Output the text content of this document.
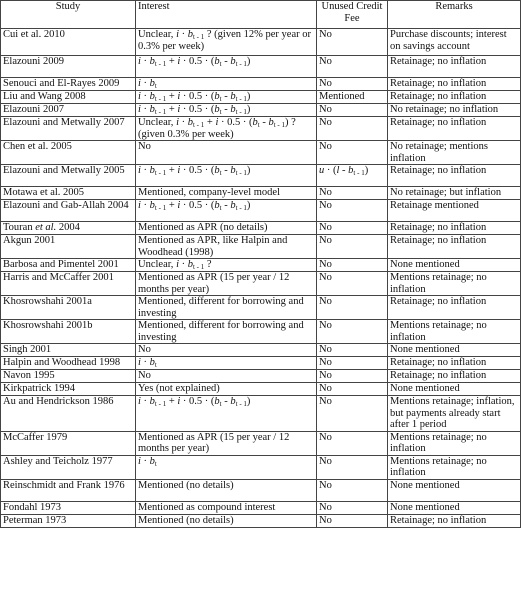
Study	Interest	Unused Credit Fee	Remarks
Cui et al. 2010	Unclear, $i \cdot b_{t - 1}$ ? (given 12% per year or 0.3% per week)	No	Purchase discounts; interest on savings account
Elazouni 2009	$i \cdot b_{t - 1} + i \cdot 0.5 \cdot (b_t - b_{t - 1})$	No	Retainage; no inflation
Senouci and El-Rayes 2009	$i \cdot b_t$	No	Retainage; no inflation
Liu and Wang 2008	$i \cdot b_{t - 1} + i \cdot 0.5 \cdot (b_t - b_{t - 1})$	Mentioned	Retainage; no inflation
Elazouni 2007	$i \cdot b_{t - 1} + i \cdot 0.5 \cdot (b_t - b_{t - 1})$	No	No retainage; no inflation
Elazouni and Metwally 2007	Unclear, $i \cdot b_{t - 1} + i \cdot 0.5 \cdot (b_t - b_{t - 1})$ ? (given 0.3% per week)	No	Retainage; no inflation
Chen et al. 2005	No	No	No retainage; mentions inflation
Elazouni and Metwally 2005	$i \cdot b_{t - 1} + i \cdot 0.5 \cdot (b_t - b_{t - 1})$	$u \cdot (l - b_{t - 1})$	Retainage; no inflation
Motawa et al. 2005	Mentioned, company-level model	No	No retainage; but inflation
Elazouni and Gab-Allah 2004	$i \cdot b_{t - 1} + i \cdot 0.5 \cdot (b_t - b_{t - 1})$	No	Retainage mentioned
Touran et al. 2004	Mentioned as APR (no details)	No	Retainage; no inflation
Akgun 2001	Mentioned as APR, like Halpin and Woodhead (1998)	No	Retainage; no inflation
Barbosa and Pimentel 2001	Unclear, $i \cdot b_{t - 1}$ ?	No	None mentioned
Harris and McCaffer 2001	Mentioned as APR (15 per year / 12 months per year)	No	Mentions retainage; no inflation
Khosrowshahi 2001a	Mentioned, different for borrowing and investing	No	Retainage; no inflation
Khosrowshahi 2001b	Mentioned, different for borrowing and investing	No	Mentions retainage; no inflation
Singh 2001	No	No	None mentioned
Halpin and Woodhead 1998	$i \cdot b_t$	No	Retainage; no inflation
Navon 1995	No	No	Retainage; no inflation
Kirkpatrick 1994	Yes (not explained)	No	None mentioned
Au and Hendrickson 1986	$i \cdot b_{t - 1} + i \cdot 0.5 \cdot (b_t - b_{t - 1})$	No	Mentions retainage; inflation, but payments already start after 1 period
McCaffer 1979	Mentioned as APR (15 per year / 12 months per year)	No	Mentions retainage; no inflation
Ashley and Teicholz 1977	$i \cdot b_t$	No	Mentions retainage; no inflation
Reinschmidt and Frank 1976	Mentioned (no details)	No	None mentioned
Fondahl 1973	Mentioned as compound interest	No	None mentioned
Peterman 1973	Mentioned (no details)	No	Retainage; no inflation
